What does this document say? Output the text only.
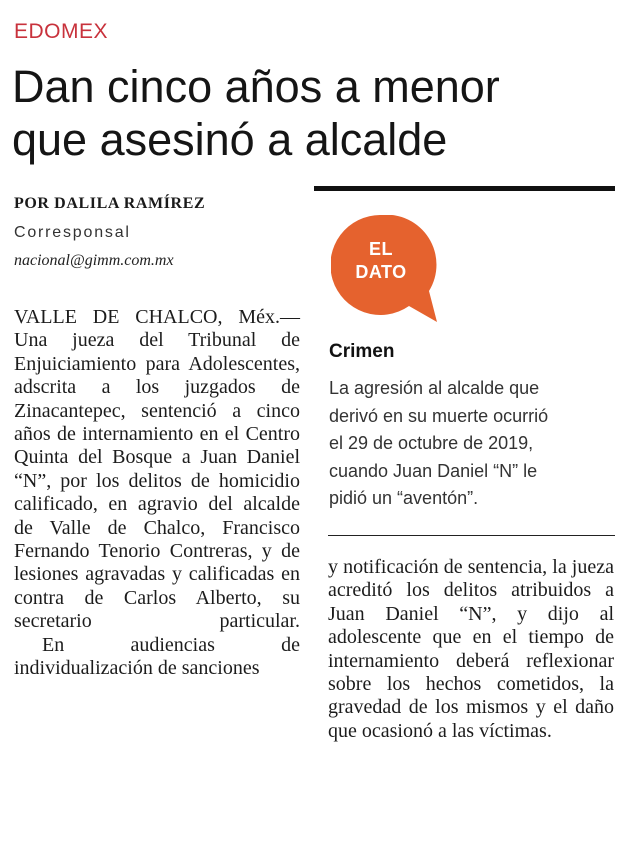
EDOMEX
Dan cinco años a menor
que asesinó a alcalde
POR DALILA RAMÍREZ
Corresponsal
nacional@gimm.com.mx

VALLE DE CHALCO, Méx.— Una jueza del Tribunal de Enjuiciamiento para Adolescentes, adscrita a los juzgados de Zinacantepec, sentenció a cinco años de internamiento en el Centro Quinta del Bosque a Juan Daniel “N”, por los delitos de homicidio calificado, en agravio del alcalde de Valle de Chalco, Francisco Fernando Tenorio Contreras, y de lesiones agravadas y calificadas en contra de Carlos Alberto, su secretario particular.

En audiencias de individualización de sanciones

EL
DATO
Crimen
La agresión al alcalde que
derivó en su muerte ocurrió
el 29 de octubre de 2019,
cuando Juan Daniel “N” le
pidió un “aventón”.

y notificación de sentencia, la jueza acreditó los delitos atribuidos a Juan Daniel “N”, y dijo al adolescente que en el tiempo de internamiento deberá reflexionar sobre los hechos cometidos, la gravedad de los mismos y el daño que ocasionó a las víctimas.
